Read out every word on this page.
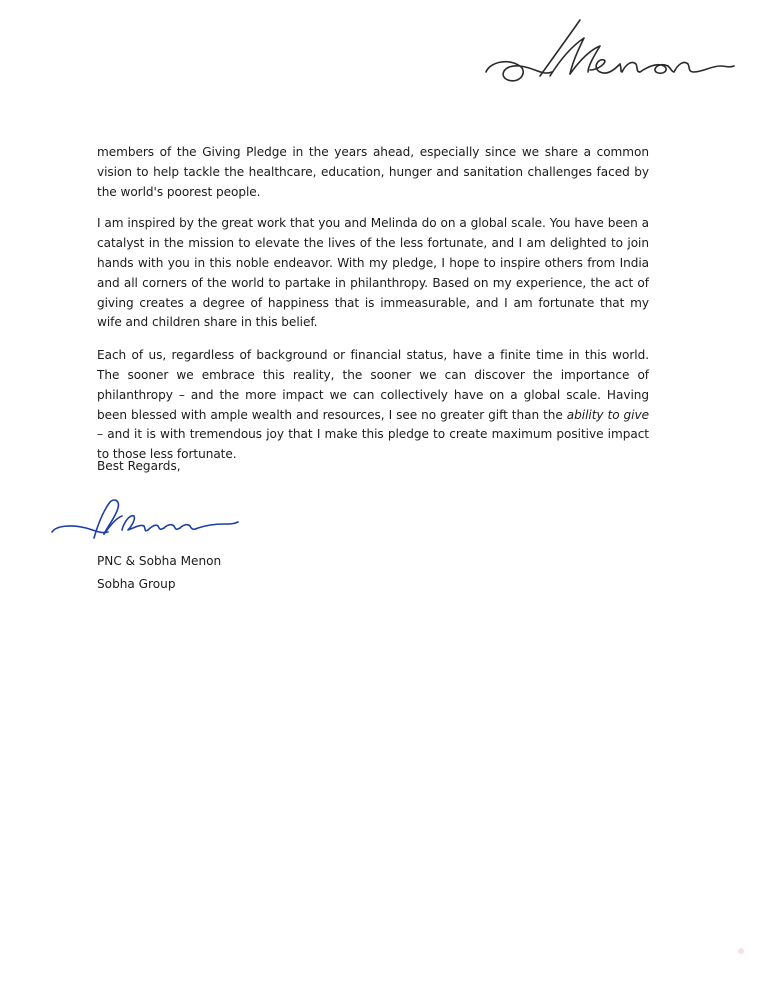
members of the Giving Pledge in the years ahead, especially since we share a common vision to help tackle the healthcare, education, hunger and sanitation challenges faced by the world's poorest people.

I am inspired by the great work that you and Melinda do on a global scale. You have been a catalyst in the mission to elevate the lives of the less fortunate, and I am delighted to join hands with you in this noble endeavor. With my pledge, I hope to inspire others from India and all corners of the world to partake in philanthropy. Based on my experience, the act of giving creates a degree of happiness that is immeasurable, and I am fortunate that my wife and children share in this belief.

Each of us, regardless of background or financial status, have a finite time in this world. The sooner we embrace this reality, the sooner we can discover the importance of philanthropy – and the more impact we can collectively have on a global scale. Having been blessed with ample wealth and resources, I see no greater gift than the ability to give – and it is with tremendous joy that I make this pledge to create maximum positive impact to those less fortunate.

Best Regards,
PNC & Sobha Menon
Sobha Group
